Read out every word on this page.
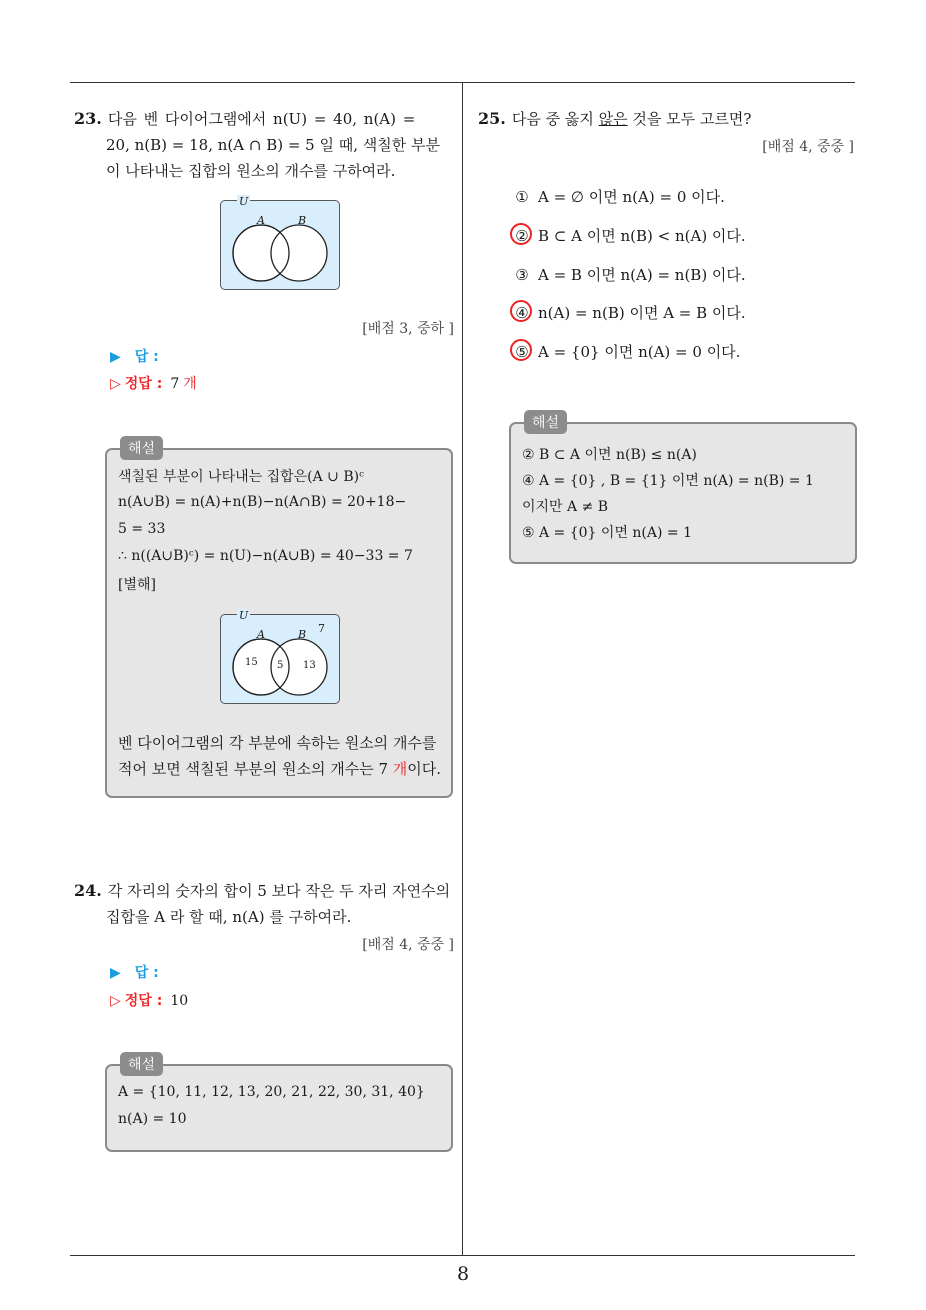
8
23. 다음 벤 다이어그램에서 n(U) = 40, n(A) =
20, n(B) = 18, n(A ∩ B) = 5 일 때, 색칠한 부분
이 나타내는 집합의 원소의 개수를 구하여라.
U
A	B
[배점 3, 중하 ]
▶ 답 :
▷ 정답 : 7 개
해설
색칠된 부분이 나타내는 집합은(A ∪ B)ᶜ
n(A∪B) = n(A)+n(B)−n(A∩B) = 20+18−
5 = 33
∴ n((A∪B)ᶜ) = n(U)−n(A∪B) = 40−33 = 7
[별해]
U
A	B 7
15 5 13
벤 다이어그램의 각 부분에 속하는 원소의 개수를
적어 보면 색칠된 부분의 원소의 개수는 7 개이다.
24. 각 자리의 숫자의 합이 5 보다 작은 두 자리 자연수의
집합을 A 라 할 때, n(A) 를 구하여라.
[배점 4, 중중 ]
▶ 답 :
▷ 정답 : 10
해설
A = {10, 11, 12, 13, 20, 21, 22, 30, 31, 40}
n(A) = 10
25. 다음 중 옳지 않은 것을 모두 고르면?
[배점 4, 중중 ]
① A = ∅ 이면 n(A) = 0 이다.
② B ⊂ A 이면 n(B) < n(A) 이다.
③ A = B 이면 n(A) = n(B) 이다.
④ n(A) = n(B) 이면 A = B 이다.
⑤ A = {0} 이면 n(A) = 0 이다.
해설
② B ⊂ A 이면 n(B) ≤ n(A)
④ A = {0} , B = {1} 이면 n(A) = n(B) = 1
이지만 A ≠ B
⑤ A = {0} 이면 n(A) = 1
